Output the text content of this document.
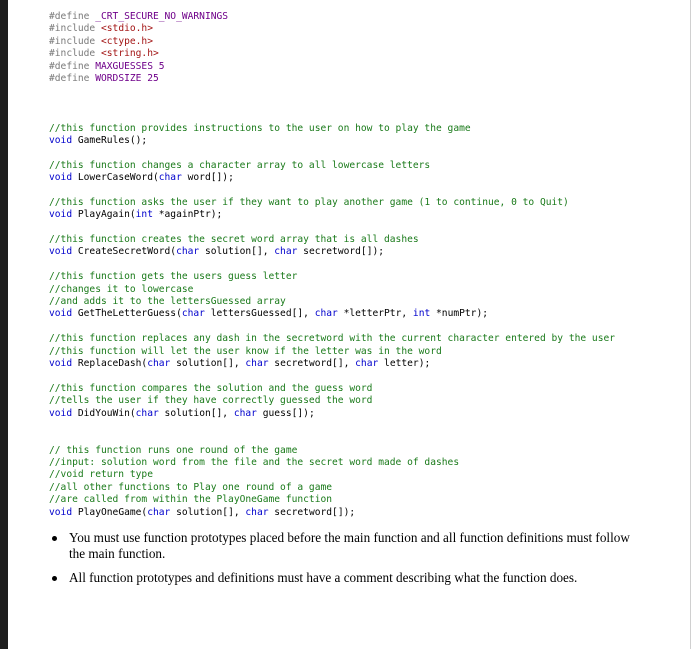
#define _CRT_SECURE_NO_WARNINGS
#include <stdio.h>
#include <ctype.h>
#include <string.h>
#define MAXGUESSES 5
#define WORDSIZE 25
//this function provides instructions to the user on how to play the game
void GameRules();
//this function changes a character array to all lowercase letters
void LowerCaseWord(char word[]);
//this function asks the user if they want to play another game (1 to continue, 0 to Quit)
void PlayAgain(int *againPtr);
//this function creates the secret word array that is all dashes
void CreateSecretWord(char solution[], char secretword[]);
//this function gets the users guess letter
//changes it to lowercase
//and adds it to the lettersGuessed array
void GetTheLetterGuess(char lettersGuessed[], char *letterPtr, int *numPtr);
//this function replaces any dash in the secretword with the current character entered by the user
//this function will let the user know if the letter was in the word
void ReplaceDash(char solution[], char secretword[], char letter);
//this function compares the solution and the guess word
//tells the user if they have correctly guessed the word
void DidYouWin(char solution[], char guess[]);
// this function runs one round of the game
//input: solution word from the file and the secret word made of dashes
//void return type
//all other functions to Play one round of a game
//are called from within the PlayOneGame function
void PlayOneGame(char solution[], char secretword[]);
You must use function prototypes placed before the main function and all function definitions must follow the main function.
All function prototypes and definitions must have a comment describing what the function does.
